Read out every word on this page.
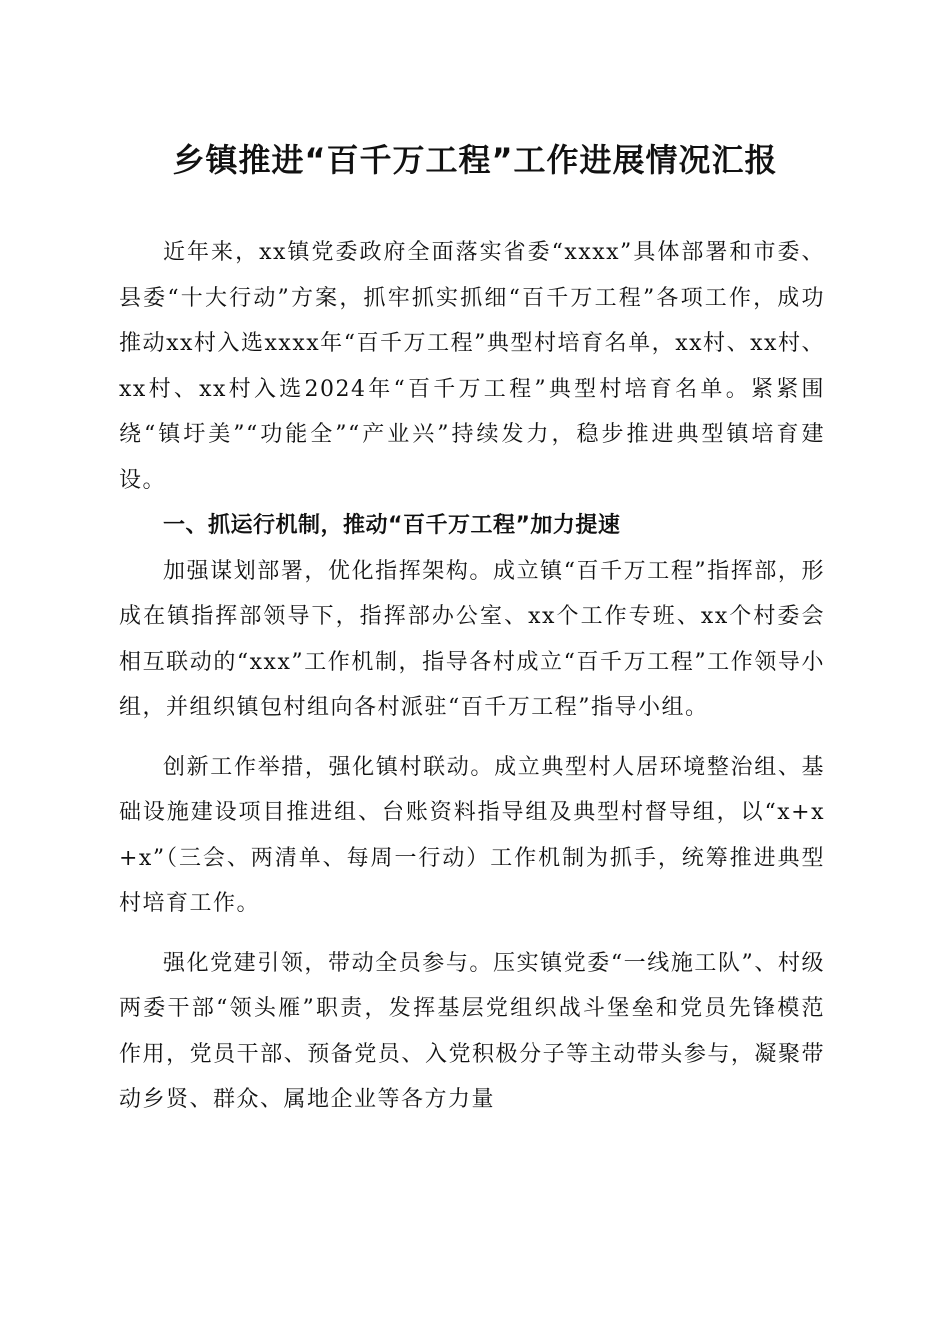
乡镇推进“百千万工程”工作进展情况汇报

近年来，xx镇党委政府全面落实省委“xxxx”具体部署和市委、县委“十大行动”方案，抓牢抓实抓细“百千万工程”各项工作，成功推动xx村入选xxxx年“百千万工程”典型村培育名单，xx村、xx村、xx村、xx村入选2024年“百千万工程”典型村培育名单。紧紧围绕“镇圩美”“功能全”“产业兴”持续发力，稳步推进典型镇培育建设。

一、抓运行机制，推动“百千万工程”加力提速

加强谋划部署，优化指挥架构。成立镇“百千万工程”指挥部，形成在镇指挥部领导下，指挥部办公室、xx个工作专班、xx个村委会相互联动的“xxx”工作机制，指导各村成立“百千万工程”工作领导小组，并组织镇包村组向各村派驻“百千万工程”指导小组。

创新工作举措，强化镇村联动。成立典型村人居环境整治组、基础设施建设项目推进组、台账资料指导组及典型村督导组，以“x+x+x”（三会、两清单、每周一行动）工作机制为抓手，统筹推进典型村培育工作。

强化党建引领，带动全员参与。压实镇党委“一线施工队”、村级两委干部“领头雁”职责，发挥基层党组织战斗堡垒和党员先锋模范作用，党员干部、预备党员、入党积极分子等主动带头参与，凝聚带动乡贤、群众、属地企业等各方力量
